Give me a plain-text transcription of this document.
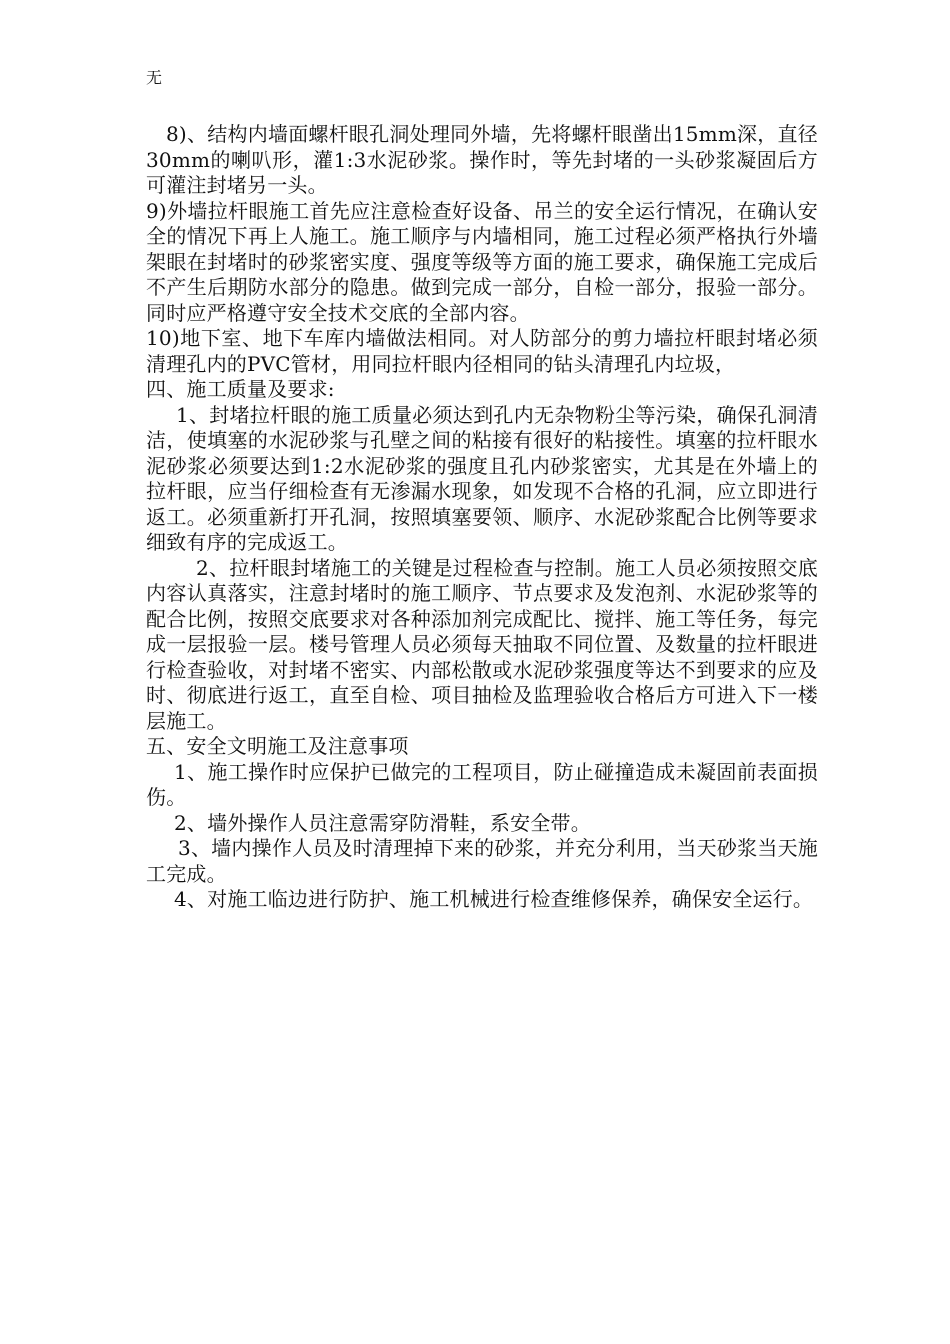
无

8)、结构内墙面螺杆眼孔洞处理同外墙，先将螺杆眼凿出15mm深，直径30mm的喇叭形，灌1:3水泥砂浆。操作时，等先封堵的一头砂浆凝固后方可灌注封堵另一头。

9)外墙拉杆眼施工首先应注意检查好设备、吊兰的安全运行情况，在确认安全的情况下再上人施工。施工顺序与内墙相同，施工过程必须严格执行外墙架眼在封堵时的砂浆密实度、强度等级等方面的施工要求，确保施工完成后不产生后期防水部分的隐患。做到完成一部分，自检一部分，报验一部分。同时应严格遵守安全技术交底的全部内容。

10)地下室、地下车库内墙做法相同。对人防部分的剪力墙拉杆眼封堵必须清理孔内的PVC管材，用同拉杆眼内径相同的钻头清理孔内垃圾，

四、施工质量及要求:

1、封堵拉杆眼的施工质量必须达到孔内无杂物粉尘等污染，确保孔洞清洁，使填塞的水泥砂浆与孔壁之间的粘接有很好的粘接性。填塞的拉杆眼水泥砂浆必须要达到1:2水泥砂浆的强度且孔内砂浆密实，尤其是在外墙上的拉杆眼，应当仔细检查有无渗漏水现象，如发现不合格的孔洞，应立即进行返工。必须重新打开孔洞，按照填塞要领、顺序、水泥砂浆配合比例等要求细致有序的完成返工。

2、拉杆眼封堵施工的关键是过程检查与控制。施工人员必须按照交底内容认真落实，注意封堵时的施工顺序、节点要求及发泡剂、水泥砂浆等的配合比例，按照交底要求对各种添加剂完成配比、搅拌、施工等任务，每完成一层报验一层。楼号管理人员必须每天抽取不同位置、及数量的拉杆眼进行检查验收，对封堵不密实、内部松散或水泥砂浆强度等达不到要求的应及时、彻底进行返工，直至自检、项目抽检及监理验收合格后方可进入下一楼层施工。

五、安全文明施工及注意事项

1、施工操作时应保护已做完的工程项目，防止碰撞造成未凝固前表面损伤。

2、墙外操作人员注意需穿防滑鞋，系安全带。

3、墙内操作人员及时清理掉下来的砂浆，并充分利用，当天砂浆当天施工完成。

4、对施工临边进行防护、施工机械进行检查维修保养，确保安全运行。
